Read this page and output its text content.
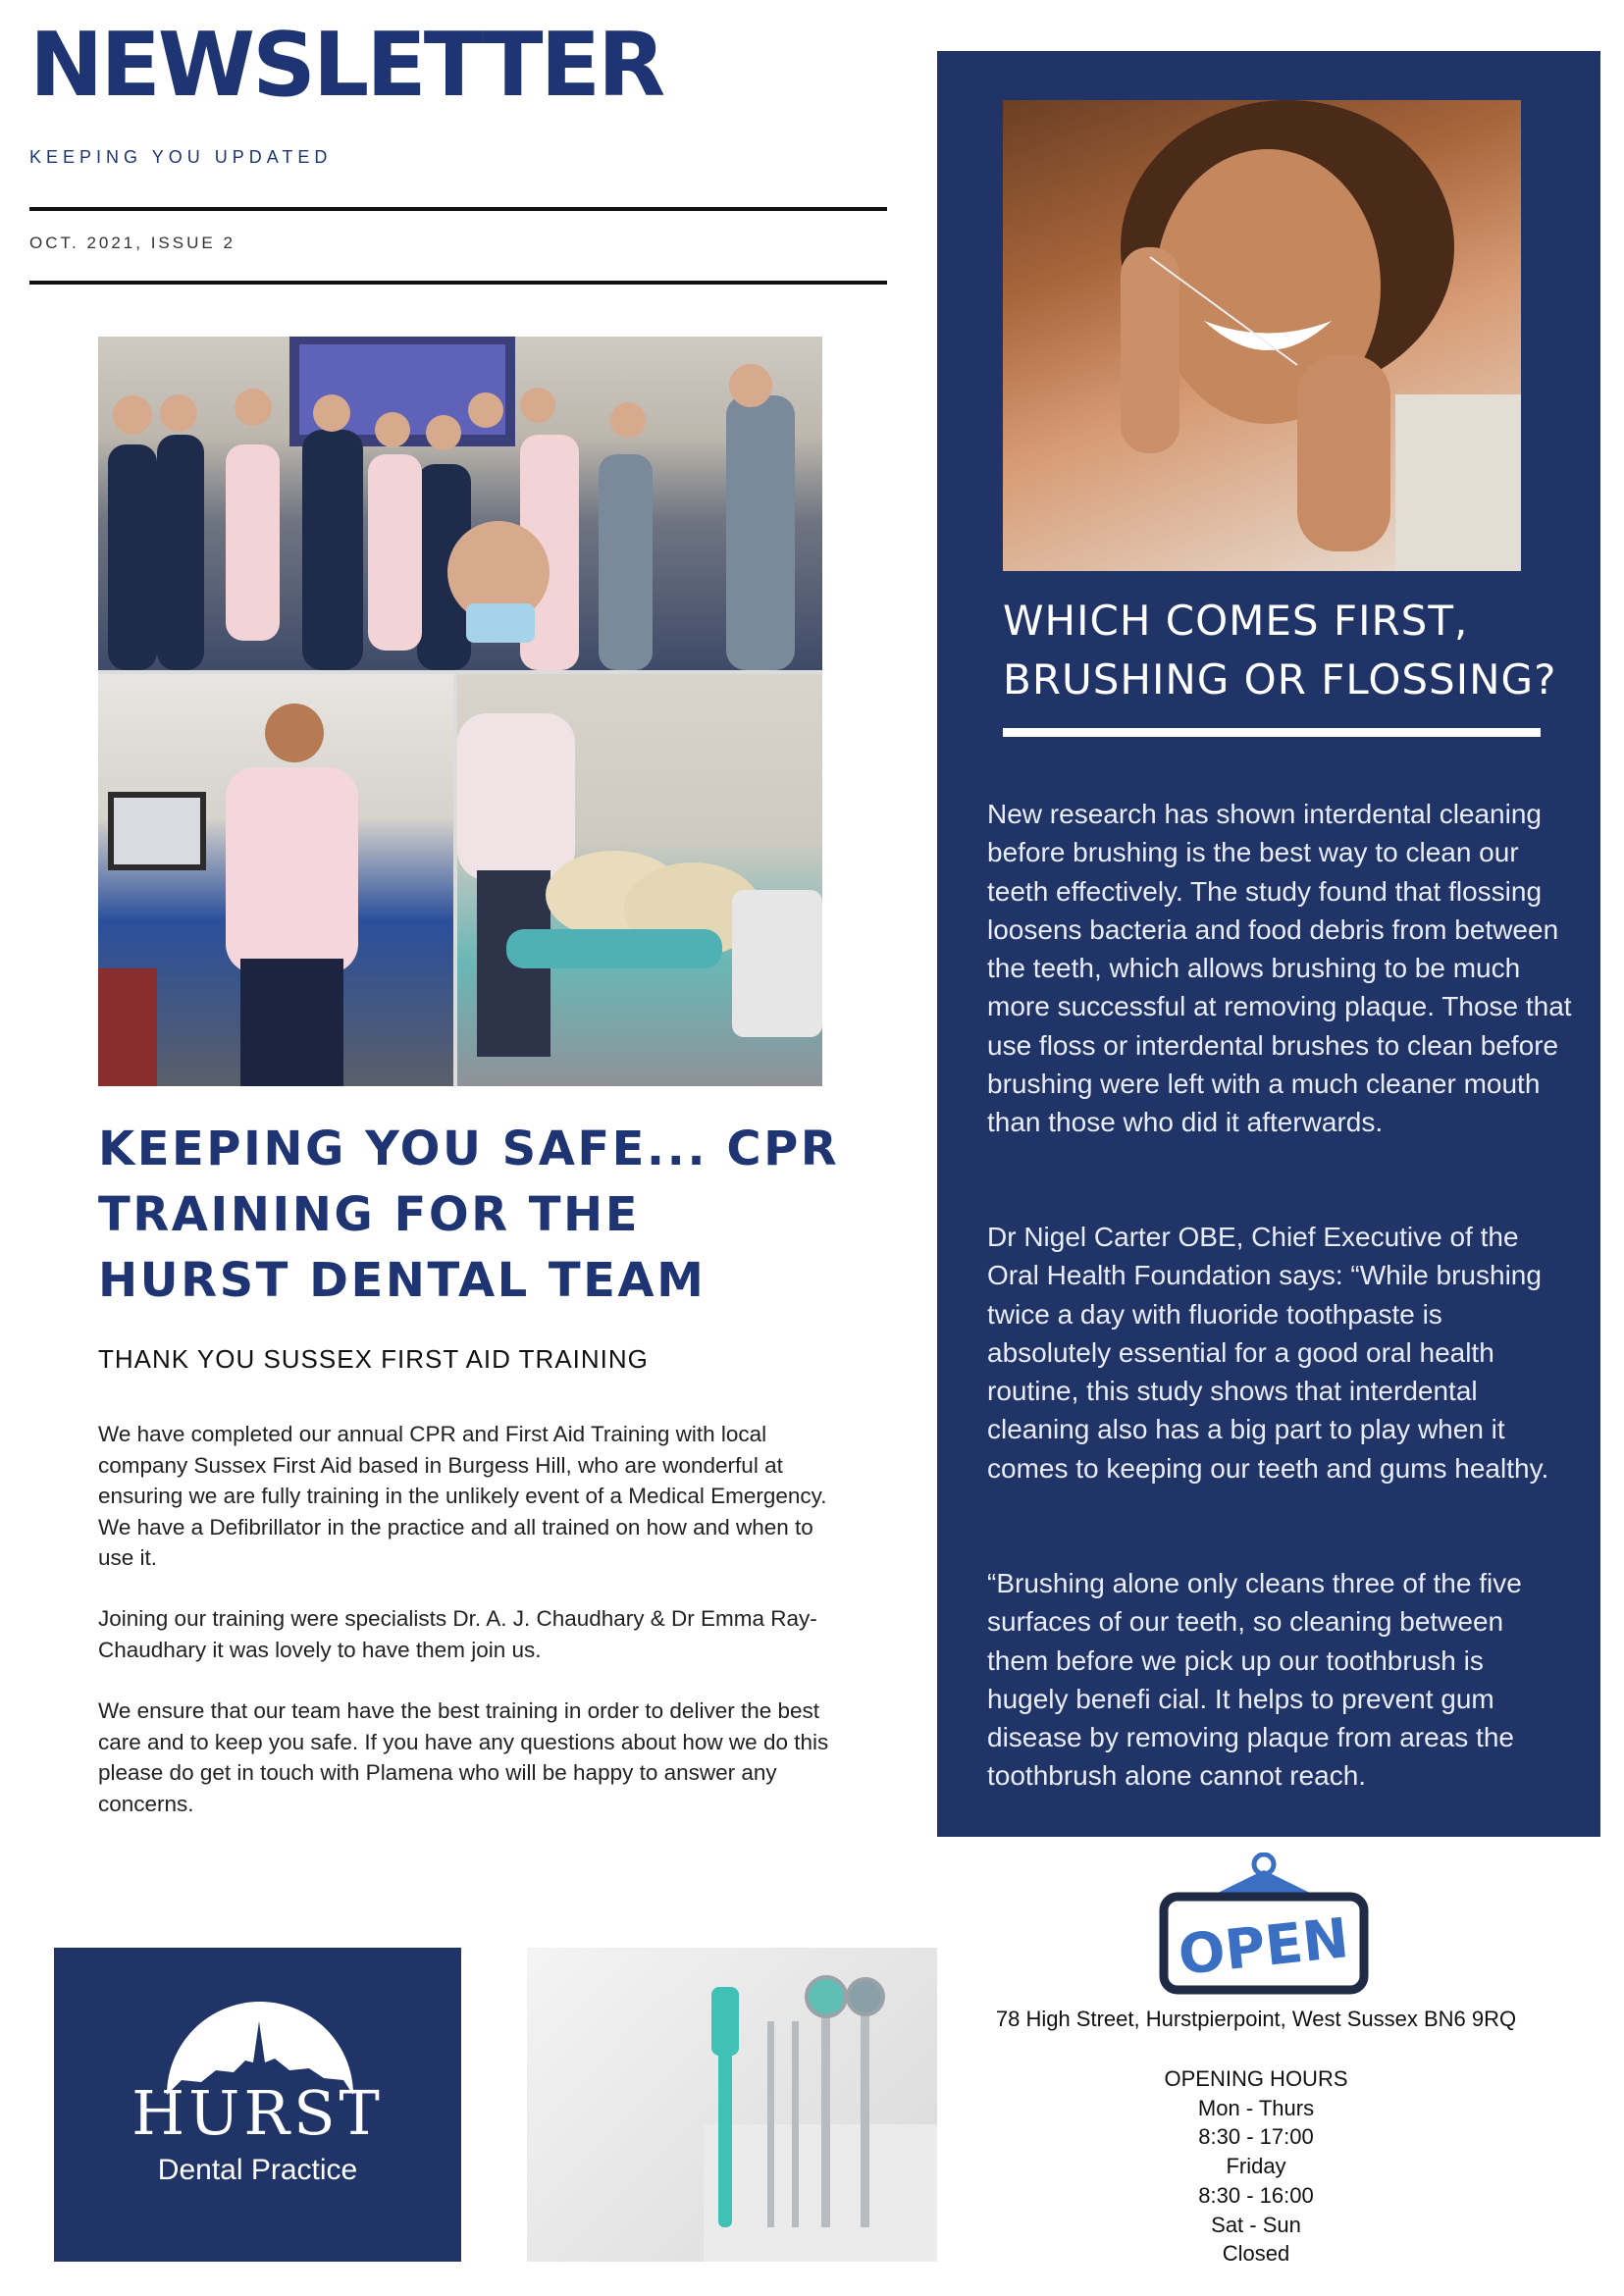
NEWSLETTER
KEEPING YOU UPDATED
OCT. 2021, ISSUE 2
KEEPING YOU SAFE... CPR TRAINING FOR THE HURST DENTAL TEAM
THANK YOU SUSSEX FIRST AID TRAINING

We have completed our annual CPR and First Aid Training with local company Sussex First Aid based in Burgess Hill, who are wonderful at ensuring we are fully training in the unlikely event of a Medical Emergency. We have a Defibrillator in the practice and all trained on how and when to use it.

Joining our training were specialists Dr. A. J. Chaudhary & Dr Emma Ray-Chaudhary it was lovely to have them join us.

We ensure that our team have the best training in order to deliver the best care and to keep you safe. If you have any questions about how we do this please do get in touch with Plamena who will be happy to answer any concerns.

WHICH COMES FIRST, BRUSHING OR FLOSSING?

New research has shown interdental cleaning before brushing is the best way to clean our teeth effectively. The study found that flossing loosens bacteria and food debris from between the teeth, which allows brushing to be much more successful at removing plaque. Those that use floss or interdental brushes to clean before brushing were left with a much cleaner mouth than those who did it afterwards.

Dr Nigel Carter OBE, Chief Executive of the Oral Health Foundation says: “While brushing twice a day with fluoride toothpaste is absolutely essential for a good oral health routine, this study shows that interdental cleaning also has a big part to play when it comes to keeping our teeth and gums healthy.

“Brushing alone only cleans three of the five surfaces of our teeth, so cleaning between them before we pick up our toothbrush is hugely benefi cial. It helps to prevent gum disease by removing plaque from areas the toothbrush alone cannot reach.

HURST
Dental Practice
OPEN
78 High Street, Hurstpierpoint, West Sussex BN6 9RQ
OPENING HOURS
Mon - Thurs
8:30 - 17:00
Friday
8:30 - 16:00
Sat - Sun
Closed
